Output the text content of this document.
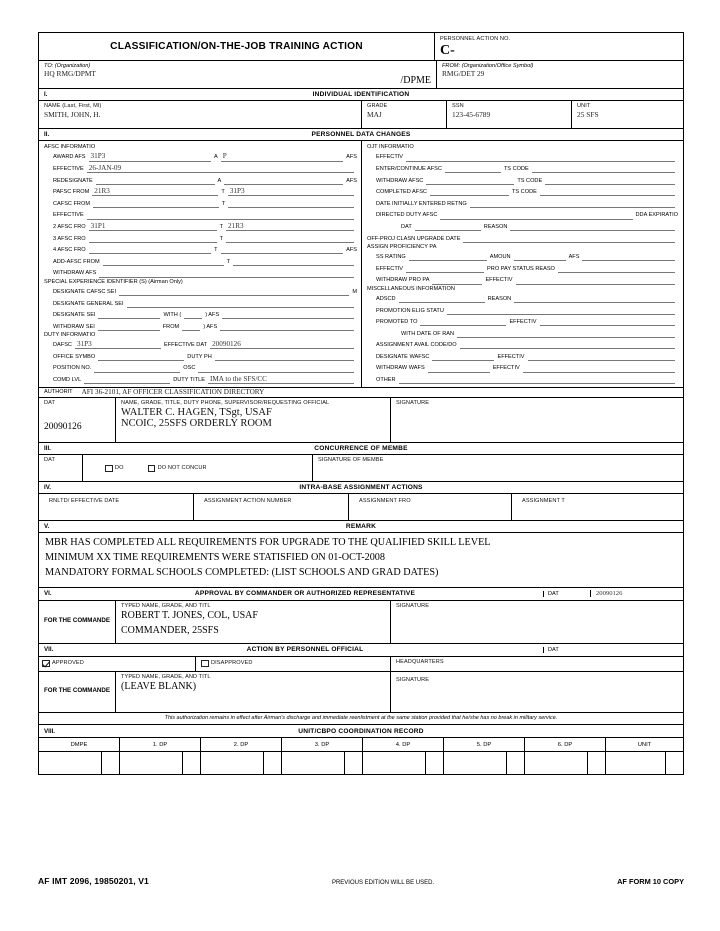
CLASSIFICATION/ON-THE-JOB TRAINING ACTION
PERSONNEL ACTION NO.
C-
TO: (Organization)
HQ RMG/DPMT
/DPME
FROM: (Organization/Office Symbol)
RMG/DET 29
I.	INDIVIDUAL IDENTIFICATION
NAME (Last, First, MI)
SMITH, JOHN, H.
GRADE
MAJ
SSN
123-45-6789
UNIT
25 SFS
II.	PERSONNEL DATA CHANGES
AFSC INFORMATIO
AWARD AFS 31P3	A P	AFS
EFFECTIVE 26-JAN-09
REDESIGNATE	A	AFS
PAFSC FROM 21R3	T 31P3
CAFSC FROM	T
EFFECTIVE
2 AFSC FRO 31P1	T 21R3
3 AFSC FRO	T
4 AFSC FRO	T	AFS
ADD-AFSC FROM	T
WITHDRAW AFS
SPECIAL EXPERIENCE IDENTIFIER (S) (Airman Only)
DESIGNATE CAFSC SEI	M
DESIGNATE GENERAL SEI
DESIGNATE SEI	WITH (	) AFS
WITHDRAW SEI	FROM	) AFS
DUTY INFORMATIO
DAFSC 31P3	EFFECTIVE DAT 20090126
OFFICE SYMBO	DUTY PH
POSITION NO.	OSC
COMD LVL	DUTY TITLE IMA to the SFS/CC
OJT INFORMATIO
EFFECTIV
ENTER/CONTINUE AFSC	TS CODE
WITHDRAW AFSC	TS CODE
COMPLETED AFSC	TS CODE
DATE INITIALLY ENTERED RETNG
DIRECTED DUTY AFSC	DDA EXPIRATIO
DAT	REASON
OFF-PROJ CLASN UPGRADE DATE
ASSIGN PROFICIENCY PA
SS RATING	AMOUN	AFS
EFFECTIV	PRO PAY STATUS REASO
WITHDRAW PRO PA	EFFECTIV
MISCELLANEOUS INFORMATION
ADSCD	REASON
PROMOTION ELIG STATU
PROMOTED TO	EFFECTIV
WITH DATE OF RAN
ASSIGNMENT AVAIL CODE/DO
DESIGNATE WAFSC	EFFECTIV
WITHDRAW WAFS	EFFECTIV
OTHER
AUTHORIT	AFI 36-2101, AF OFFICER CLASSIFICATION DIRECTORY
DAT
20090126
NAME, GRADE, TITLE, DUTY PHONE, SUPERVISOR/REQUESTING OFFICIAL
WALTER C. HAGEN, TSgt, USAF
NCOIC, 25SFS ORDERLY ROOM
SIGNATURE
III.	CONCURRENCE OF MEMBE
DAT
DO	DO NOT CONCUR
SIGNATURE OF MEMBE
IV.	INTRA-BASE ASSIGNMENT ACTIONS
RNLTD/ EFFECTIVE DATE	ASSIGNMENT ACTION NUMBER	ASSIGNMENT FRO	ASSIGNMENT T
V.	REMARK

MBR HAS COMPLETED ALL REQUIREMENTS FOR UPGRADE TO THE QUALIFIED SKILL LEVEL

MINIMUM XX TIME REQUIREMENTS WERE STATISFIED ON 01-OCT-2008

MANDATORY FORMAL SCHOOLS COMPLETED: (LIST SCHOOLS AND GRAD DATES)

VI.	APPROVAL BY COMMANDER OR AUTHORIZED REPRESENTATIVE	DAT	20090126
FOR THE COMMANDE
TYPED NAME, GRADE, AND TITL
ROBERT T. JONES, COL, USAF
COMMANDER, 25SFS
SIGNATURE
VII.	ACTION BY PERSONNEL OFFICIAL	DAT
APPROVED	DISAPPROVED	HEADQUARTERS
FOR THE COMMANDE
TYPED NAME, GRADE, AND TITL
(LEAVE BLANK)
SIGNATURE
This authorization remains in effect after Airman's discharge and immediate reenlistment at the same station provided that he/she has no break in military service.
VIII.	UNIT/CBPO COORDINATION RECORD
DMPE	1. DP	2. DP	3. DP	4. DP	5. DP	6. DP	UNIT
AF IMT 2096, 19850201, V1	PREVIOUS EDITION WILL BE USED.	AF FORM 10 COPY
